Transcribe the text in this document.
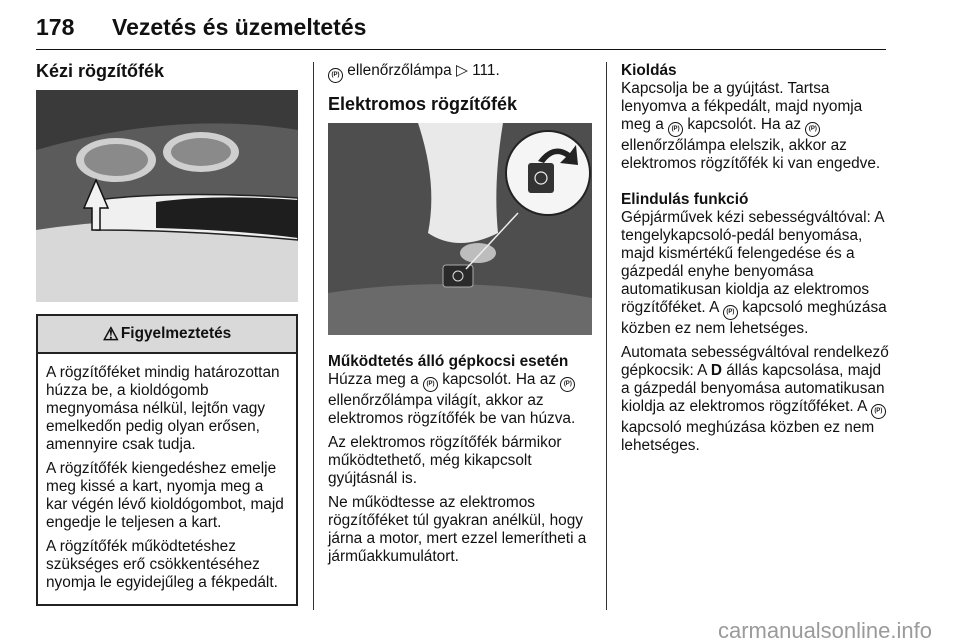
178 Vezetés és üzemeltetés
Kézi rögzítőfék
⚠ Figyelmeztetés

A rögzítőféket mindig határozottan húzza be, a kioldógomb megnyomása nélkül, lejtőn vagy emelkedőn pedig olyan erősen, amennyire csak tudja.

A rögzítőfék kiengedéshez emelje meg kissé a kart, nyomja meg a kar végén lévő kioldógombot, majd engedje le teljesen a kart.

A rögzítőfék működtetéshez szükséges erő csökkentéséhez nyomja le egyidejűleg a fékpedált.

(P) ellenőrzőlámpa ▷ 111.

Elektromos rögzítőfék

Működtetés álló gépkocsi esetén

Húzza meg a (P) kapcsolót. Ha az (P) ellenőrzőlámpa világít, akkor az elektromos rögzítőfék be van húzva.

Az elektromos rögzítőfék bármikor működtethető, még kikapcsolt gyújtásnál is.

Ne működtesse az elektromos rögzítőféket túl gyakran anélkül, hogy járna a motor, mert ezzel lemerítheti a járműakkumulátort.

Kioldás

Kapcsolja be a gyújtást. Tartsa lenyomva a fékpedált, majd nyomja meg a (P) kapcsolót. Ha az (P) ellenőrzőlámpa elelszik, akkor az elektromos rögzítőfék ki van engedve.

Elindulás funkció

Gépjárművek kézi sebességváltóval: A tengelykapcsoló-pedál benyomása, majd kismértékű felengedése és a gázpedál enyhe benyomása automatikusan kioldja az elektromos rögzítőféket. A (P) kapcsoló meghúzása közben ez nem lehetséges.

Automata sebességváltóval rendelkező gépkocsik: A D állás kapcsolása, majd a gázpedál benyomása automatikusan kioldja az elektromos rögzítőféket. A (P) kapcsoló meghúzása közben ez nem lehetséges.

carmanualsonline.info
